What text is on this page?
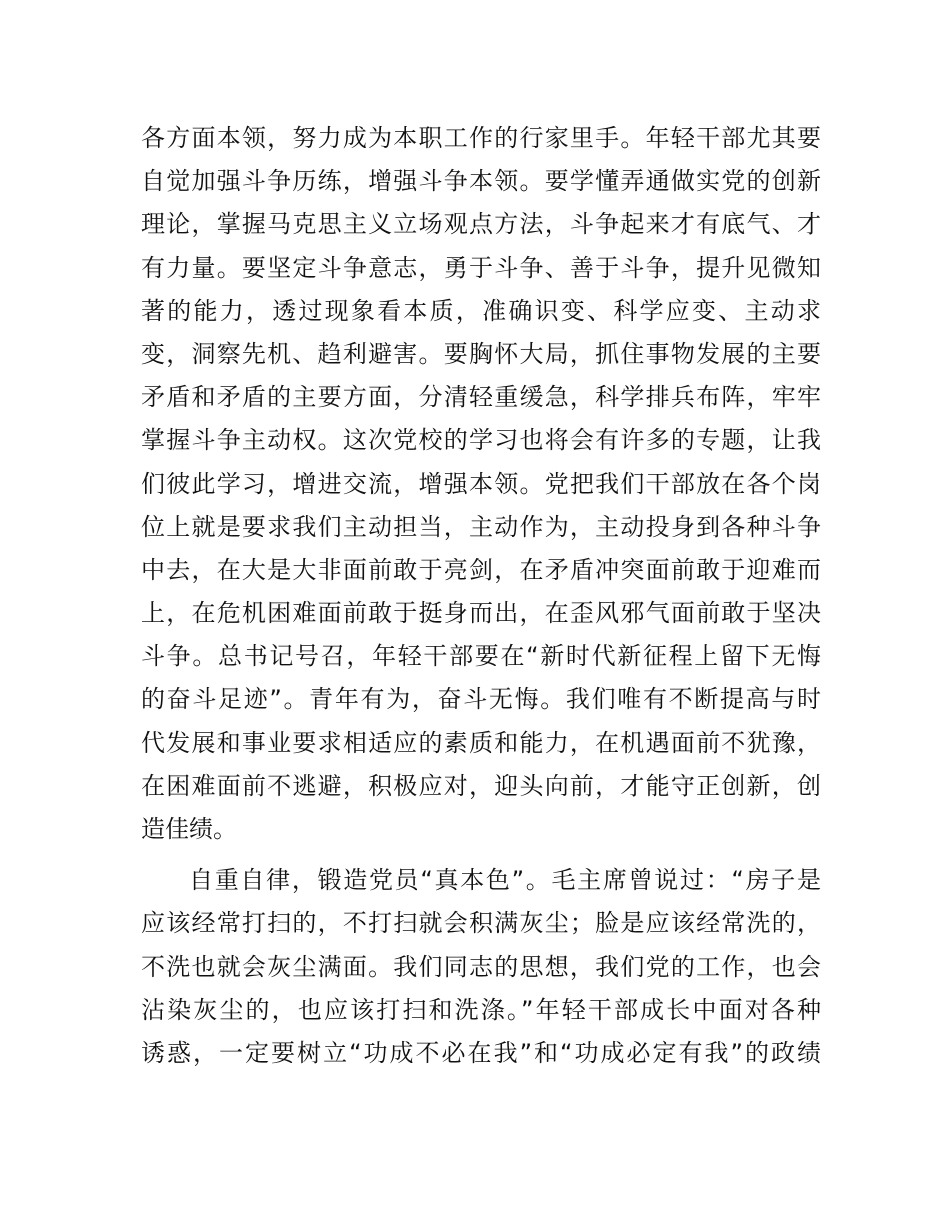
各方面本领，努力成为本职工作的行家里手。年轻干部尤其要
自觉加强斗争历练，增强斗争本领。要学懂弄通做实党的创新
理论，掌握马克思主义立场观点方法，斗争起来才有底气、才
有力量。要坚定斗争意志，勇于斗争、善于斗争，提升见微知
著的能力，透过现象看本质，准确识变、科学应变、主动求
变，洞察先机、趋利避害。要胸怀大局，抓住事物发展的主要
矛盾和矛盾的主要方面，分清轻重缓急，科学排兵布阵，牢牢
掌握斗争主动权。这次党校的学习也将会有许多的专题，让我
们彼此学习，增进交流，增强本领。党把我们干部放在各个岗
位上就是要求我们主动担当，主动作为，主动投身到各种斗争
中去，在大是大非面前敢于亮剑，在矛盾冲突面前敢于迎难而
上，在危机困难面前敢于挺身而出，在歪风邪气面前敢于坚决
斗争。总书记号召，年轻干部要在“新时代新征程上留下无悔
的奋斗足迹”。青年有为，奋斗无悔。我们唯有不断提高与时
代发展和事业要求相适应的素质和能力，在机遇面前不犹豫，
在困难面前不逃避，积极应对，迎头向前，才能守正创新，创
造佳绩。
自重自律，锻造党员“真本色”。毛主席曾说过：“房子是
应该经常打扫的，不打扫就会积满灰尘；脸是应该经常洗的，
不洗也就会灰尘满面。我们同志的思想，我们党的工作，也会
沾染灰尘的，也应该打扫和洗涤。”年轻干部成长中面对各种
诱惑，一定要树立“功成不必在我”和“功成必定有我”的政绩
